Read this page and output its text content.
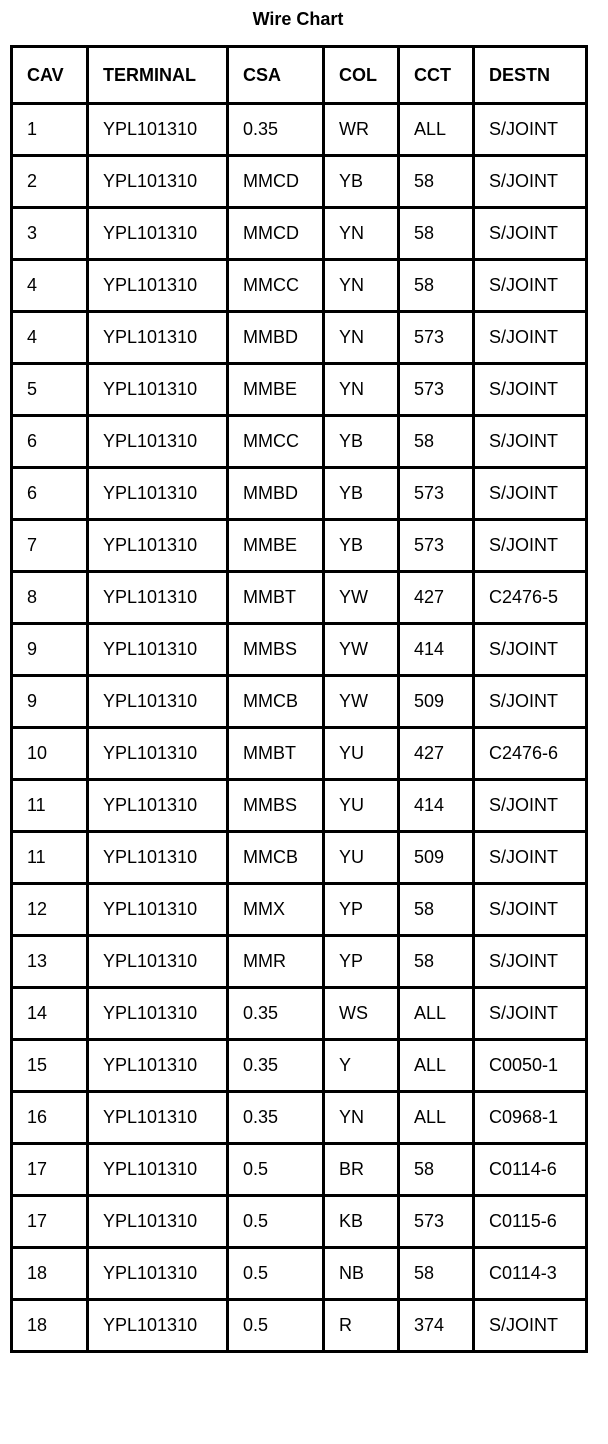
Wire Chart
CAV	TERMINAL	CSA	COL	CCT	DESTN
1	YPL101310	0.35	WR	ALL	S/JOINT
2	YPL101310	MMCD	YB	58	S/JOINT
3	YPL101310	MMCD	YN	58	S/JOINT
4	YPL101310	MMCC	YN	58	S/JOINT
4	YPL101310	MMBD	YN	573	S/JOINT
5	YPL101310	MMBE	YN	573	S/JOINT
6	YPL101310	MMCC	YB	58	S/JOINT
6	YPL101310	MMBD	YB	573	S/JOINT
7	YPL101310	MMBE	YB	573	S/JOINT
8	YPL101310	MMBT	YW	427	C2476-5
9	YPL101310	MMBS	YW	414	S/JOINT
9	YPL101310	MMCB	YW	509	S/JOINT
10	YPL101310	MMBT	YU	427	C2476-6
11	YPL101310	MMBS	YU	414	S/JOINT
11	YPL101310	MMCB	YU	509	S/JOINT
12	YPL101310	MMX	YP	58	S/JOINT
13	YPL101310	MMR	YP	58	S/JOINT
14	YPL101310	0.35	WS	ALL	S/JOINT
15	YPL101310	0.35	Y	ALL	C0050-1
16	YPL101310	0.35	YN	ALL	C0968-1
17	YPL101310	0.5	BR	58	C0114-6
17	YPL101310	0.5	KB	573	C0115-6
18	YPL101310	0.5	NB	58	C0114-3
18	YPL101310	0.5	R	374	S/JOINT
